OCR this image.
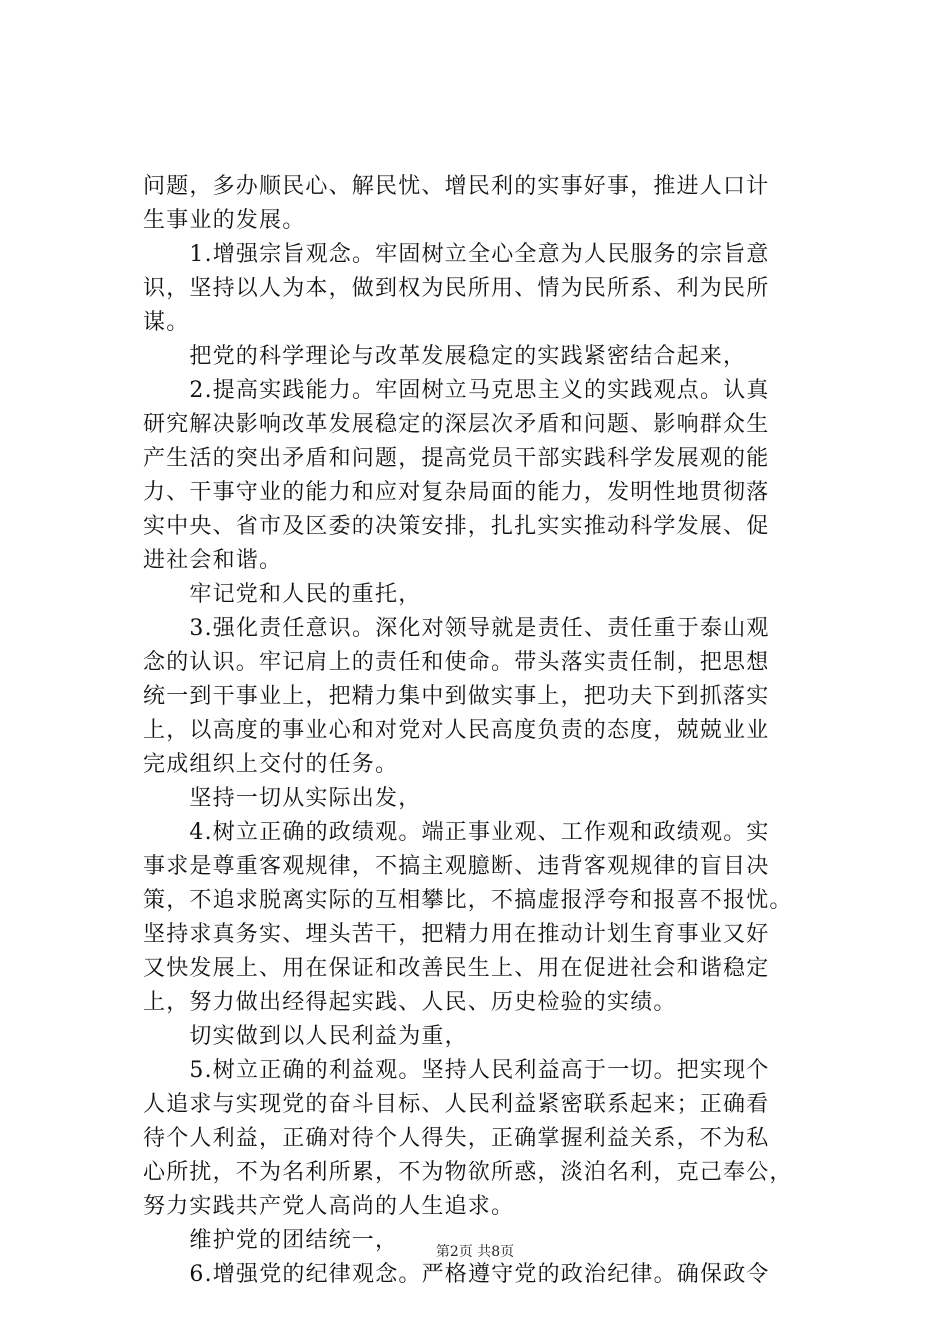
问题，多办顺民心、解民忧、增民利的实事好事，推进人口计
生事业的发展。
　　1.增强宗旨观念。牢固树立全心全意为人民服务的宗旨意
识，坚持以人为本，做到权为民所用、情为民所系、利为民所
谋。
　　把党的科学理论与改革发展稳定的实践紧密结合起来，
　　2.提高实践能力。牢固树立马克思主义的实践观点。认真
研究解决影响改革发展稳定的深层次矛盾和问题、影响群众生
产生活的突出矛盾和问题，提高党员干部实践科学发展观的能
力、干事守业的能力和应对复杂局面的能力，发明性地贯彻落
实中央、省市及区委的决策安排，扎扎实实推动科学发展、促
进社会和谐。
　　牢记党和人民的重托，
　　3.强化责任意识。深化对领导就是责任、责任重于泰山观
念的认识。牢记肩上的责任和使命。带头落实责任制，把思想
统一到干事业上，把精力集中到做实事上，把功夫下到抓落实
上，以高度的事业心和对党对人民高度负责的态度，兢兢业业
完成组织上交付的任务。
　　坚持一切从实际出发，
　　4.树立正确的政绩观。端正事业观、工作观和政绩观。实
事求是尊重客观规律，不搞主观臆断、违背客观规律的盲目决
策，不追求脱离实际的互相攀比，不搞虚报浮夸和报喜不报忧。
坚持求真务实、埋头苦干，把精力用在推动计划生育事业又好
又快发展上、用在保证和改善民生上、用在促进社会和谐稳定
上，努力做出经得起实践、人民、历史检验的实绩。
　　切实做到以人民利益为重，
　　5.树立正确的利益观。坚持人民利益高于一切。把实现个
人追求与实现党的奋斗目标、人民利益紧密联系起来；正确看
待个人利益，正确对待个人得失，正确掌握利益关系，不为私
心所扰，不为名利所累，不为物欲所惑，淡泊名利，克己奉公，
努力实践共产党人高尚的人生追求。
　　维护党的团结统一，
　　6.增强党的纪律观念。严格遵守党的政治纪律。确保政令
第2页 共8页
